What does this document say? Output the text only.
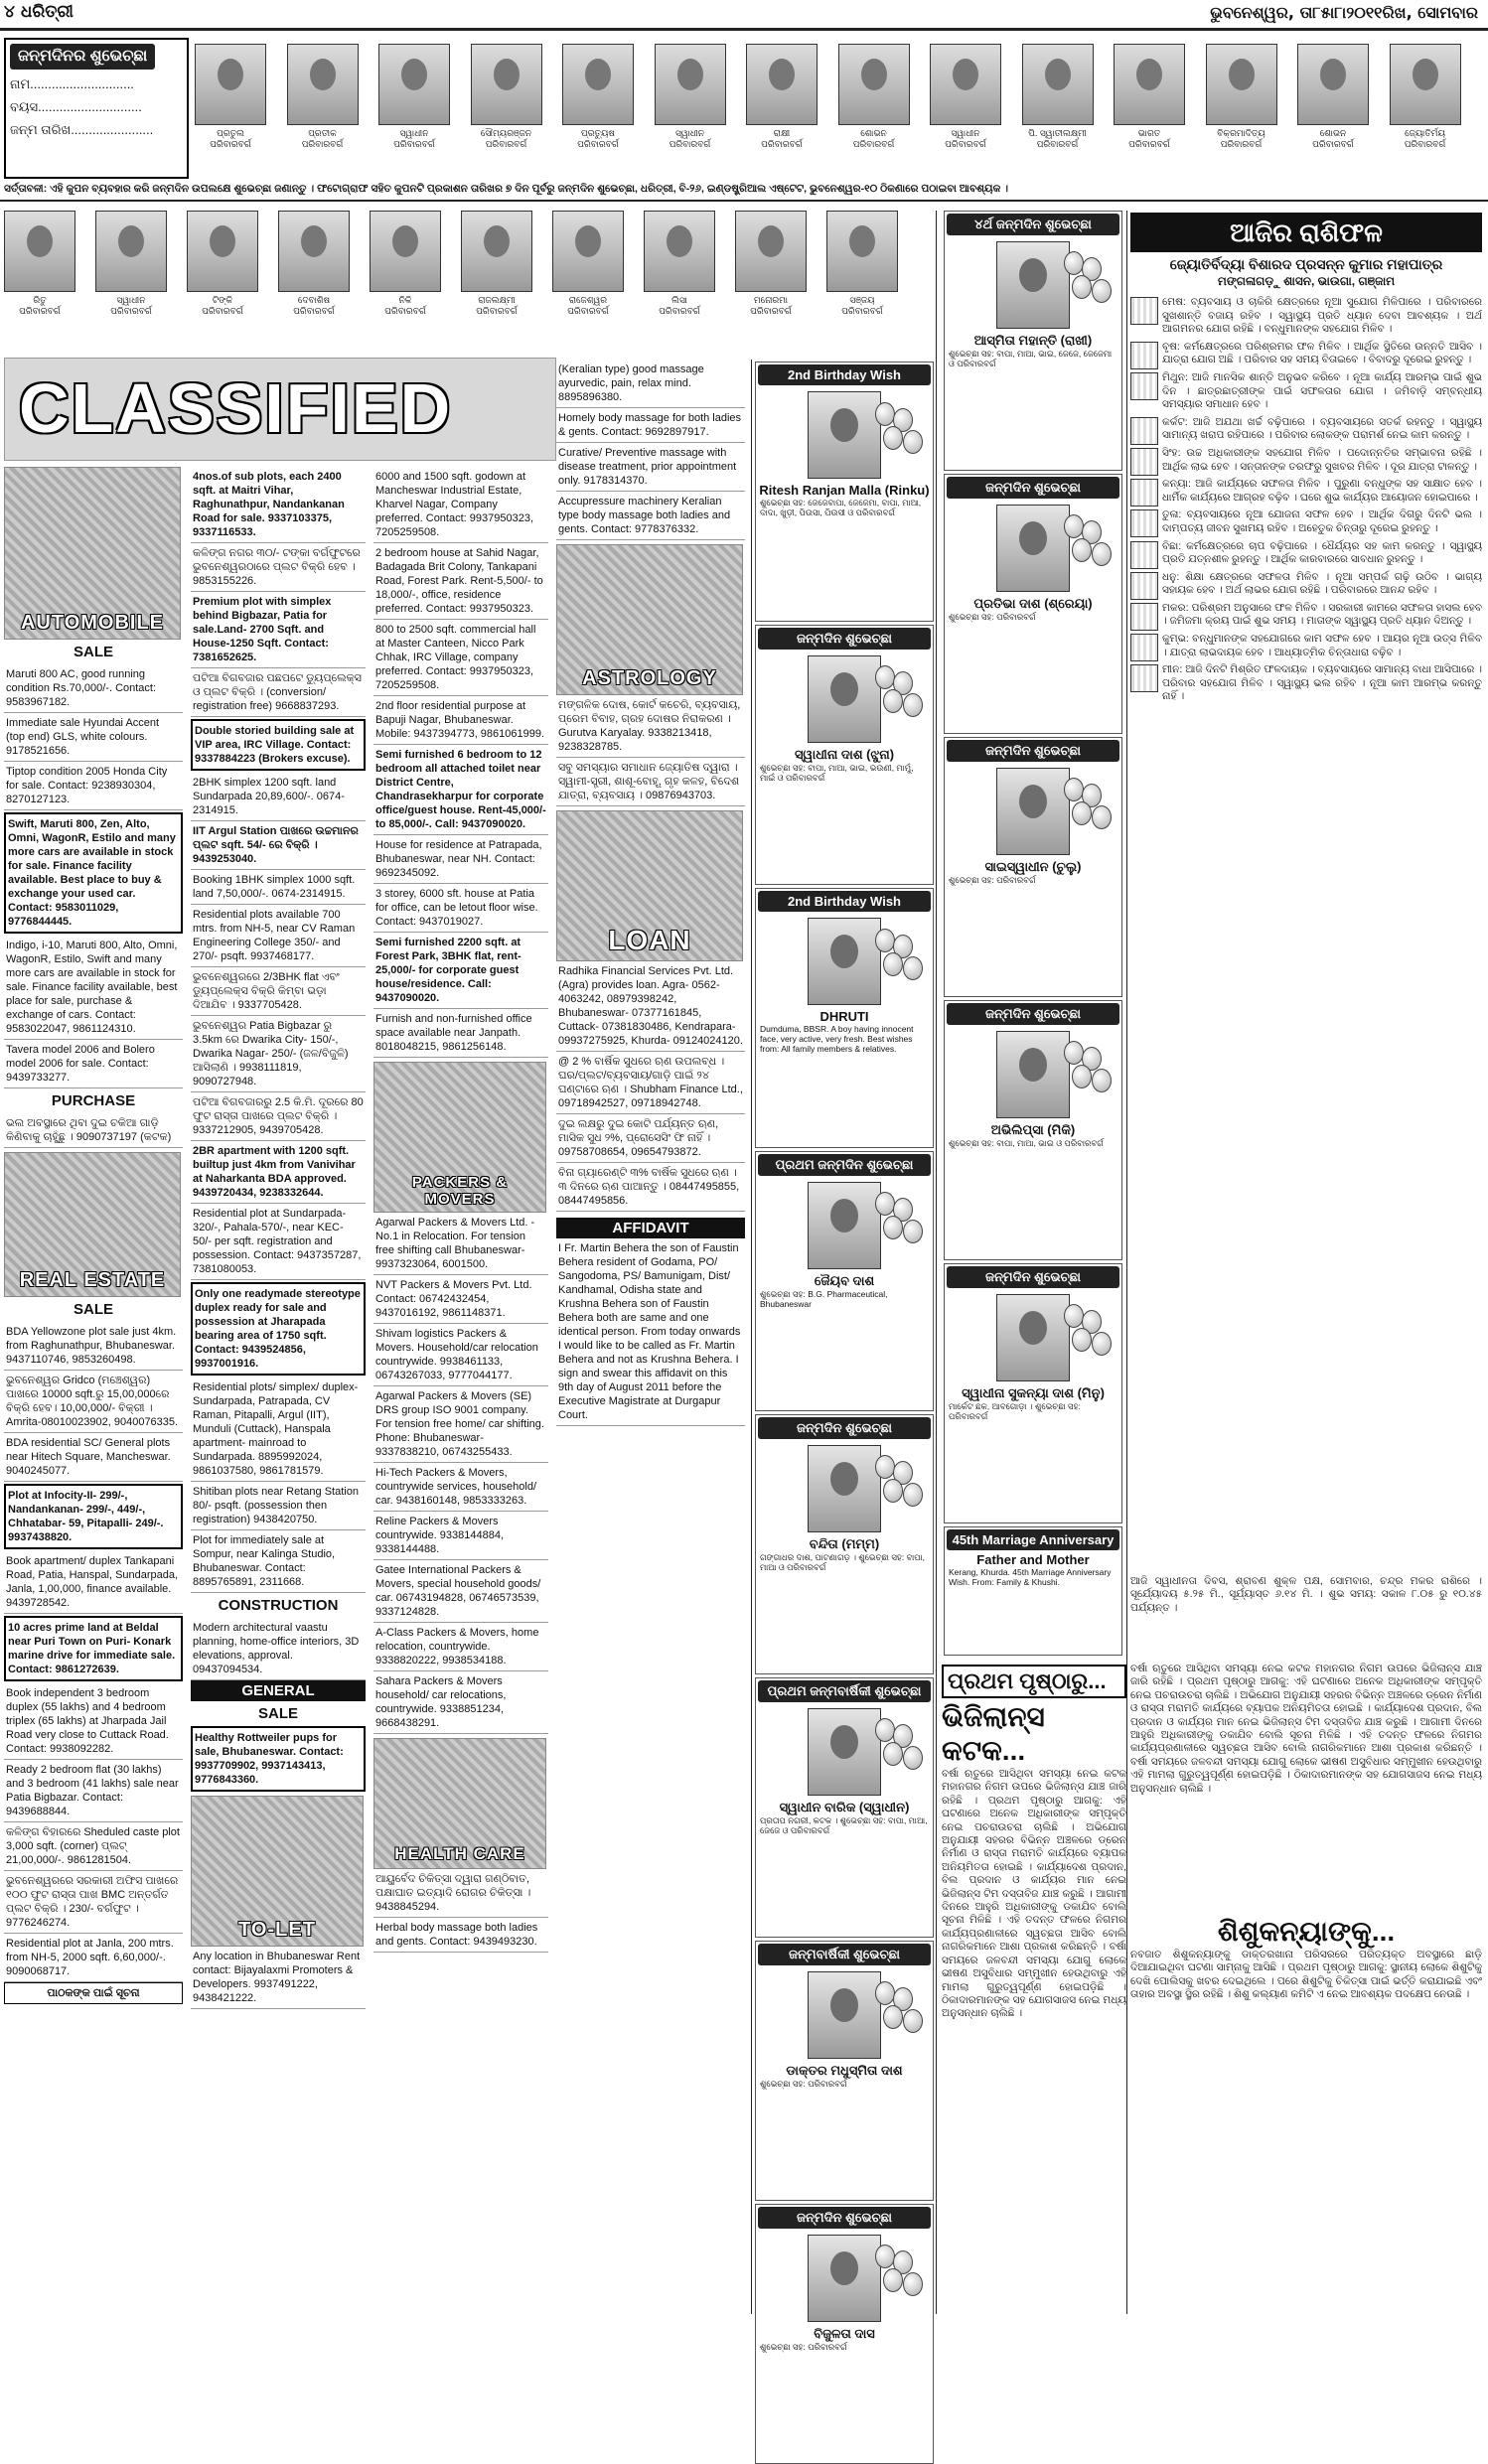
୪ ଧରିତ୍ରୀ	ଭୁବନେଶ୍ୱର, ତା୮୫ା୮ା୨୦୧୧ରିଖ, ସୋମବାର
ଜନ୍ମଦିନର ଶୁଭେଚ୍ଛା
ନାମ.............................
ବୟସ.............................
ଜନ୍ମ ତାରିଖ.......................	ପ୍ରତୁଲ
ପରିବାରବର୍ଗ
ପ୍ରତୀକ
ପରିବାରବର୍ଗ
ସ୍ୱାଧୀନ
ପରିବାରବର୍ଗ
ସୌମ୍ୟରଞ୍ଜନ
ପରିବାରବର୍ଗ
ପ୍ରତ୍ୟୁଷ
ପରିବାରବର୍ଗ
ସ୍ୱାଧୀନ
ପରିବାରବର୍ଗ
ରାକ୍ଷୀ
ପରିବାରବର୍ଗ
ଶୋଭନ
ପରିବାରବର୍ଗ
ସ୍ୱାଧୀନ
ପରିବାରବର୍ଗ
ପି. ସ୍ୱାତୀଲକ୍ଷ୍ମୀ
ପରିବାରବର୍ଗ
ଭାରତ
ପରିବାରବର୍ଗ
ବିକ୍ରମାଦିତ୍ୟ
ପରିବାରବର୍ଗ
ଶୋଭନ
ପରିବାରବର୍ଗ
ଜ୍ୟୋତିର୍ମୟ
ପରିବାରବର୍ଗ
ସର୍ତ୍ତାବଳୀ: ଏହି କୁପନ ବ୍ୟବହାର କରି ଜନ୍ମଦିନ ଉପଲକ୍ଷେ ଶୁଭେଚ୍ଛା ଜଣାନ୍ତୁ । ଫଟୋଗ୍ରାଫ ସହିତ କୁପନଟି ପ୍ରକାଶନ ତାରିଖର ୭ ଦିନ ପୂର୍ବରୁ ଜନ୍ମଦିନ ଶୁଭେଚ୍ଛା, ଧରିତ୍ରୀ, ବି-୨୬, ଇଣ୍ଡଷ୍ଟ୍ରିଆଲ ଏଷ୍ଟେଟ, ଭୁବନେଶ୍ୱର-୧୦ ଠିକଣାରେ ପଠାଇବା ଆବଶ୍ୟକ ।
ରିତୁ
ପରିବାରବର୍ଗ
ସ୍ୱାଧୀନ
ପରିବାରବର୍ଗ
ଟିଙ୍କି
ପରିବାରବର୍ଗ
ଦେବାଶିଷ
ପରିବାରବର୍ଗ
ନିକି
ପରିବାରବର୍ଗ
ରାଜଲକ୍ଷ୍ମୀ
ପରିବାରବର୍ଗ
ରାଜେଶ୍ୱର
ପରିବାରବର୍ଗ
ଲିସା
ପରିବାରବର୍ଗ
ମନୋରମା
ପରିବାରବର୍ଗ
ସଞ୍ଜୟ
ପରିବାରବର୍ଗ
CLASSIFIED
AUTOMOBILE
SALE
Maruti 800 AC, good running condition Rs.70,000/-. Contact: 9583967182.
Immediate sale Hyundai Accent (top end) GLS, white colours. 9178521656.
Tiptop condition 2005 Honda City for sale. Contact: 9238930304, 8270127123.
Swift, Maruti 800, Zen, Alto, Omni, WagonR, Estilo and many more cars are available in stock for sale. Finance facility available. Best place to buy & exchange your used car. Contact: 9583011029, 9776844445.
Indigo, i-10, Maruti 800, Alto, Omni, WagonR, Estilo, Swift and many more cars are available in stock for sale. Finance facility available, best place for sale, purchase & exchange of cars. Contact: 9583022047, 9861124310.
Tavera model 2006 and Bolero model 2006 for sale. Contact: 9439733277.
PURCHASE
ଭଲ ଅବସ୍ଥାରେ ଥିବା ଦୁଇ ଚକିଆ ଗାଡ଼ି କିଣିବାକୁ ଚାହୁଁଛୁ । 9090737197 (କଟକ)
REAL ESTATE
SALE
BDA Yellowzone plot sale just 4km. from Raghunathpur, Bhubaneswar. 9437110746, 9853260498.
ଭୁବନେଶ୍ୱର Gridco (ମଞ୍ଚେଶ୍ୱର) ପାଖରେ 10000 sqft.ରୁ 15,00,000ରେ ବିକ୍ରି ହେବ। 10,00,000/- ବିକ୍ରୀ । Amrita-08010023902, 9040076335.
BDA residential SC/ General plots near Hitech Square, Mancheswar. 9040245077.
Plot at Infocity-II- 299/-, Nandankanan- 299/-, 449/-, Chhatabar- 59, Pitapalli- 249/-. 9937438820.
Book apartment/ duplex Tankapani Road, Patia, Hanspal, Sundarpada, Janla, 1,00,000, finance available. 9439728542.
10 acres prime land at Beldal near Puri Town on Puri- Konark marine drive for immediate sale. Contact: 9861272639.
Book independent 3 bedroom duplex (55 lakhs) and 4 bedroom triplex (65 lakhs) at Jharpada Jail Road very close to Cuttack Road. Contact: 9938092282.
Ready 2 bedroom flat (30 lakhs) and 3 bedroom (41 lakhs) sale near Patia Bigbazar. Contact: 9439688844.
କଳିଙ୍ଗ ବିହାରରେ Sheduled caste plot 3,000 sqft. (corner) ପ୍ଲଟ୍ 21,00,000/-. 9861281504.
ଭୁବନେଶ୍ୱରରେ ସରକାରୀ ଅଫିସ ପାଖରେ ୧୦୦ ଫୁଟ ରାସ୍ତା ପାଖ BMC ଅନ୍ତର୍ଗତ ପ୍ଲଟ ବିକ୍ରି । 230/- ବର୍ଗଫୁଟ । 9776246274.
Residential plot at Janla, 200 mtrs. from NH-5, 2000 sqft. 6,60,000/-. 9090068717.
ପାଠକଙ୍କ ପାଇଁ ସୂଚନା
4nos.of sub plots, each 2400 sqft. at Maitri Vihar, Raghunathpur, Nandankanan Road for sale. 9337103375, 9337116533.
କଳିଙ୍ଗ ନଗର ୩୦/- ଟଙ୍କା ବର୍ଗଫୁଟରେ ଭୁବନେଶ୍ୱରଠାରେ ପ୍ଲଟ ବିକ୍ରି ହେବ । 9853155226.
Premium plot with simplex behind Bigbazar, Patia for sale.Land- 2700 Sqft. and House-1250 Sqft. Contact: 7381652625.
ପଟିଆ ବିଗବଜାର ପଛପଟେ ଡ୍ୟୁପ୍ଲେକ୍ସ ଓ ପ୍ଲଟ ବିକ୍ରି । (conversion/ registration free) 9668837293.
Double storied building sale at VIP area, IRC Village. Contact: 9337884223 (Brokers excuse).
2BHK simplex 1200 sqft. land Sundarpada 20,89,600/-. 0674-2314915.
IIT Argul Station ପାଖରେ ଉଚ୍ଚମାନର ପ୍ଲଟ sqft. 54/- ରେ ବିକ୍ରି । 9439253040.
Booking 1BHK simplex 1000 sqft. land 7,50,000/-. 0674-2314915.
Residential plots available 700 mtrs. from NH-5, near CV Raman Engineering College 350/- and 270/- psqft. 9937468177.
ଭୁବନେଶ୍ୱରରେ 2/3BHK flat ଏବଂ ଡ୍ୟୁପ୍ଲେକ୍ସ ବିକ୍ରି କିମ୍ବା ଭଡ଼ା ଦିଆଯିବ । 9337705428.
ଭୁବନେଶ୍ୱର Patia Bigbazar ରୁ 3.5km ରେ Dwarika City- 150/-, Dwarika Nagar- 250/- (ଜଳ/ବିଜୁଳି) ଆସିଲାଣି । 9938111819, 9090727948.
ପଟିଆ ବିଗବଜାରରୁ 2.5 କି.ମି. ଦୂରରେ 80 ଫୁଟ ରାସ୍ତା ପାଖରେ ପ୍ଲଟ ବିକ୍ରି । 9337212905, 9439705428.
2BR apartment with 1200 sqft. builtup just 4km from Vanivihar at Naharkanta BDA approved. 9439720434, 9238332644.
Residential plot at Sundarpada- 320/-, Pahala-570/-, near KEC- 50/- per sqft. registration and possession. Contact: 9437357287, 7381080053.
Only one readymade stereotype duplex ready for sale and possession at Jharapada bearing area of 1750 sqft. Contact: 9439524856, 9937001916.
Residential plots/ simplex/ duplex- Sundarpada, Patrapada, CV Raman, Pitapalli, Argul (IIT), Munduli (Cuttack), Hanspala apartment- mainroad to Sundarpada. 8895992024, 9861037580, 9861781579.
Shitiban plots near Retang Station 80/- psqft. (possession then registration) 9438420750.
Plot for immediately sale at Sompur, near Kalinga Studio, Bhubaneswar. Contact: 8895765891, 2311668.
CONSTRUCTION
Modern architectural vaastu planning, home-office interiors, 3D elevations, approval. 09437094534.
GENERAL
SALE
Healthy Rottweiler pups for sale, Bhubaneswar. Contact: 9937709902, 9937143413, 9776843360.
TO-LET
Any location in Bhubaneswar Rent contact: Bijayalaxmi Promoters & Developers. 9937491222, 9438421222.
6000 and 1500 sqft. godown at Mancheswar Industrial Estate, Kharvel Nagar, Company preferred. Contact: 9937950323, 7205259508.
2 bedroom house at Sahid Nagar, Badagada Brit Colony, Tankapani Road, Forest Park. Rent-5,500/- to 18,000/-, office, residence preferred. Contact: 9937950323.
800 to 2500 sqft. commercial hall at Master Canteen, Nicco Park Chhak, IRC Village, company preferred. Contact: 9937950323, 7205259508.
2nd floor residential purpose at Bapuji Nagar, Bhubaneswar. Mobile: 9437394773, 9861061999.
Semi furnished 6 bedroom to 12 bedroom all attached toilet near District Centre, Chandrasekharpur for corporate office/guest house. Rent-45,000/- to 85,000/-. Call: 9437090020.
House for residence at Patrapada, Bhubaneswar, near NH. Contact: 9692345092.
3 storey, 6000 sft. house at Patia for office, can be letout floor wise. Contact: 9437019027.
Semi furnished 2200 sqft. at Forest Park, 3BHK flat, rent-25,000/- for corporate guest house/residence. Call: 9437090020.
Furnish and non-furnished office space available near Janpath. 8018048215, 9861256148.
PACKERS & MOVERS
Agarwal Packers & Movers Ltd. - No.1 in Relocation. For tension free shifting call Bhubaneswar- 9937323064, 6001500.
NVT Packers & Movers Pvt. Ltd. Contact: 06742432454, 9437016192, 9861148371.
Shivam logistics Packers & Movers. Household/car relocation countrywide. 9938461133, 06743267033, 9777044177.
Agarwal Packers & Movers (SE) DRS group ISO 9001 company. For tension free home/ car shifting. Phone: Bhubaneswar- 9337838210, 06743255433.
Hi-Tech Packers & Movers, countrywide services, household/ car. 9438160148, 9853333263.
Reline Packers & Movers countrywide. 9338144884, 9338144488.
Gatee International Packers & Movers, special household goods/ car. 06743194828, 06746573539, 9337124828.
A-Class Packers & Movers, home relocation, countrywide. 9338820222, 9938534188.
Sahara Packers & Movers household/ car relocations, countrywide. 9338851234, 9668438291.
HEALTH CARE
ଆୟୁର୍ବେଦ ଚିକିତ୍ସା ଦ୍ୱାରା ଗଣ୍ଠିବାତ, ପକ୍ଷାଘାତ ଇତ୍ୟାଦି ରୋଗର ଚିକିତ୍ସା । 9438845294.
Herbal body massage both ladies and gents. Contact: 9439493230.
(Keralian type) good massage ayurvedic, pain, relax mind. 8895896380.
Homely body massage for both ladies & gents. Contact: 9692897917.
Curative/ Preventive massage with disease treatment, prior appointment only. 9178314370.
Accupressure machinery Keralian type body massage both ladies and gents. Contact: 9778376332.
ASTROLOGY
ମଙ୍ଗଳିକ ଦୋଷ, କୋର୍ଟ କଚେରି, ବ୍ୟବସାୟ, ପ୍ରେମ ବିବାହ, ଗ୍ରହ ଦୋଷର ନିରାକରଣ । Gurutva Karyalay. 9338213418, 9238328785.
ସବୁ ସମସ୍ୟାର ସମାଧାନ ଜ୍ୟୋତିଷ ଦ୍ୱାରା । ସ୍ୱାମୀ-ସ୍ତ୍ରୀ, ଶାଶୂ-ବୋହୂ, ଗୃହ କଳହ, ବିଦେଶ ଯାତ୍ରା, ବ୍ୟବସାୟ । 09876943703.
LOAN
Radhika Financial Services Pvt. Ltd. (Agra) provides loan. Agra- 0562-4063242, 08979398242, Bhubaneswar- 07377161845, Cuttack- 07381830486, Kendrapara- 09937275925, Khurda- 09124024120.
@ 2 % ବାର୍ଷିକ ସୁଧରେ ଋଣ ଉପଲବ୍ଧ । ଘର/ପ୍ଲଟ/ବ୍ୟବସାୟ/ଗାଡ଼ି ପାଇଁ ୨୪ ଘଣ୍ଟାରେ ଋଣ । Shubham Finance Ltd., 09718942527, 09718942748.
ଦୁଇ ଲକ୍ଷରୁ ଦୁଇ କୋଟି ପର୍ଯ୍ୟନ୍ତ ଋଣ, ମାସିକ ସୁଧ ୨%, ପ୍ରୋସେସିଂ ଫି ନାହିଁ । 09758708654, 09654793872.
ବିନା ଗ୍ୟାରେଣ୍ଟି ୩% ବାର୍ଷିକ ସୁଧରେ ଋଣ । ୩ ଦିନରେ ଋଣ ପାଆନ୍ତୁ । 08447495855, 08447495856.
AFFIDAVIT
I Fr. Martin Behera the son of Faustin Behera resident of Godama, PO/ Sangodoma, PS/ Bamunigam, Dist/ Kandhamal, Odisha state and Krushna Behera son of Faustin Behera both are same and one identical person. From today onwards I would like to be called as Fr. Martin Behera and not as Krushna Behera. I sign and swear this affidavit on this 9th day of August 2011 before the Executive Magistrate at Durgapur Court.
2nd Birthday Wish
Ritesh Ranjan Malla (Rinku)
ଶୁଭେଚ୍ଛା ସହ: ଜେଜେବାପା, ଜେଜେମା, ବାପା, ମାଆ, ଦାଦା, ଖୁଡ଼ୀ, ପିଉସା, ପିଉସୀ ଓ ପରିବାରବର୍ଗ
ଜନ୍ମଦିନ ଶୁଭେଚ୍ଛା
ସ୍ୱାଧୀନା ଦାଶ (ଝୁନା)
ଶୁଭେଚ୍ଛା ସହ: ବାପା, ମାଆ, ଭାଇ, ଭଉଣୀ, ମାମୁଁ, ମାଇଁ ଓ ପରିବାରବର୍ଗ
2nd Birthday Wish
DHRUTI
Dumduma, BBSR. A boy having innocent face, very active, very fresh. Best wishes from: All family members & relatives.
ପ୍ରଥମ ଜନ୍ମଦିନ ଶୁଭେଚ୍ଛା
ଜୈୟବ ଦାଶ
ଶୁଭେଚ୍ଛା ସହ: B.G. Pharmaceutical, Bhubaneswar
ଜନ୍ମଦିନ ଶୁଭେଚ୍ଛା
ବନ୍ଦିତା (ମମ୍ମ)
ଗଙ୍ଗାଧର ଦାଶ, ପାଟଣାଗଡ଼ । ଶୁଭେଚ୍ଛା ସହ: ବାପା, ମାଆ ଓ ପରିବାରବର୍ଗ
ପ୍ରଥମ ଜନ୍ମବାର୍ଷିକୀ ଶୁଭେଚ୍ଛା
ସ୍ୱାଧୀନ ବାରିକ (ସ୍ୱାଧୀନ)
ପ୍ରତାପ ନଗରୀ, କଟକ । ଶୁଭେଚ୍ଛା ସହ: ବାପା, ମାଆ, ଜେଜେ ଓ ପରିବାରବର୍ଗ
ଜନ୍ମବାର୍ଷିକୀ ଶୁଭେଚ୍ଛା
ଡାକ୍ତର ମଧୁସ୍ମିତା ଦାଶ
ଶୁଭେଚ୍ଛା ସହ: ପରିବାରବର୍ଗ
ଜନ୍ମଦିନ ଶୁଭେଚ୍ଛା
ବିଜୁଳତା ଦାସ
ଶୁଭେଚ୍ଛା ସହ: ପରିବାରବର୍ଗ
୪ର୍ଥ ଜନ୍ମଦିନ ଶୁଭେଚ୍ଛା
ଆସ୍ମିତା ମହାନ୍ତି (ରାଖୀ)
ଶୁଭେଚ୍ଛା ସହ: ବାପା, ମାଆ, ଭାଇ, ଜେଜେ, ଜେଜେମା ଓ ପରିବାରବର୍ଗ
ଜନ୍ମଦିନ ଶୁଭେଚ୍ଛା
ପ୍ରତିଭା ଦାଶ (ଶ୍ରେୟା)
ଶୁଭେଚ୍ଛା ସହ: ପରିବାରବର୍ଗ
ଜନ୍ମଦିନ ଶୁଭେଚ୍ଛା
ସାଇସ୍ୱାଧୀନ (ଚୁଲୁ)
ଶୁଭେଚ୍ଛା ସହ: ପରିବାରବର୍ଗ
ଜନ୍ମଦିନ ଶୁଭେଚ୍ଛା
ଅଭିଲିପ୍ସା (ମିକି)
ଶୁଭେଚ୍ଛା ସହ: ବାପା, ମାଆ, ଭାଇ ଓ ପରିବାରବର୍ଗ
ଜନ୍ମଦିନ ଶୁଭେଚ୍ଛା
ସ୍ୱାଧୀନା ସୁକନ୍ୟା ଦାଶ (ମିନୁ)
ମାର୍କେଟ ଛକ, ଆବଗୋଡ଼ା । ଶୁଭେଚ୍ଛା ସହ: ପରିବାରବର୍ଗ
45th Marriage Anniversary
Father and Mother
Kerang, Khurda. 45th Marriage Anniversary Wish. From: Family & Khushi.
ପ୍ରଥମ ପୃଷ୍ଠାରୁ...
ଭିଜିଲାନ୍ସ କଟକ...
ବର୍ଷା ଋତୁରେ ଆସିଥିବା ସମସ୍ୟା ନେଇ କଟକ ମହାନଗର ନିଗମ ଉପରେ ଭିଜିଲାନ୍ସ ଯାଞ୍ଚ ଜାରି ରହିଛି । ପ୍ରଥମ ପୃଷ୍ଠାରୁ ଆଗକୁ: ଏହି ଘଟଣାରେ ଅନେକ ଅଧିକାରୀଙ୍କ ସମ୍ପୃକ୍ତି ନେଇ ପଚରାଉଚରା ଚାଲିଛି । ଅଭିଯୋଗ ଅନୁଯାୟୀ ସହରର ବିଭିନ୍ନ ଅଞ୍ଚଳରେ ଡ୍ରେନ ନିର୍ମାଣ ଓ ରାସ୍ତା ମରାମତି କାର୍ଯ୍ୟରେ ବ୍ୟାପକ ଅନିୟମିତତା ହୋଇଛି । କାର୍ଯ୍ୟାଦେଶ ପ୍ରଦାନ, ବିଲ ପ୍ରଦାନ ଓ କାର୍ଯ୍ୟର ମାନ ନେଇ ଭିଜିଲାନ୍ସ ଟିମ ଦସ୍ତାବିଜ ଯାଞ୍ଚ କରୁଛି । ଆଗାମୀ ଦିନରେ ଆହୁରି ଅଧିକାରୀଙ୍କୁ ଡକାଯିବ ବୋଲି ସୂଚନା ମିଳିଛି । ଏହି ତଦନ୍ତ ଫଳରେ ନିଗମର କାର୍ଯ୍ୟପ୍ରଣାଳୀରେ ସ୍ୱଚ୍ଛତା ଆସିବ ବୋଲି ନାଗରିକମାନେ ଆଶା ପ୍ରକାଶ କରିଛନ୍ତି । ବର୍ଷା ସମୟରେ ଜଳବନ୍ଦୀ ସମସ୍ୟା ଯୋଗୁ ଲୋକେ ଭୀଷଣ ଅସୁବିଧାର ସମ୍ମୁଖୀନ ହେଉଥିବାରୁ ଏହି ମାମଲା ଗୁରୁତ୍ୱପୂର୍ଣ୍ଣ ହୋଇପଡ଼ିଛି । ଠିକାଦାରମାନଙ୍କ ସହ ଯୋଗସାଜସ ନେଇ ମଧ୍ୟ ଅନୁସନ୍ଧାନ ଚାଲିଛି ।
ଆଜିର ରାଶିଫଳ
ଜ୍ୟୋତିର୍ବିଦ୍ୟା ବିଶାରଦ ପ୍ରସନ୍ନ କୁମାର ମହାପାତ୍ର
ମଙ୍ଗଳାଗଡ଼ୁ ଶାସନ, ଭାଉଗା, ଗଞ୍ଜାମ
ମେଷ: ବ୍ୟବସାୟ ଓ ଚାକିରି କ୍ଷେତ୍ରରେ ନୂଆ ସୁଯୋଗ ମିଳିପାରେ । ପରିବାରରେ ସୁଖଶାନ୍ତି ବଜାୟ ରହିବ । ସ୍ୱାସ୍ଥ୍ୟ ପ୍ରତି ଧ୍ୟାନ ଦେବା ଆବଶ୍ୟକ । ଅର୍ଥ ଆଗମନର ଯୋଗ ରହିଛି । ବନ୍ଧୁମାନଙ୍କ ସହଯୋଗ ମିଳିବ ।
ବୃଷ: କର୍ମକ୍ଷେତ୍ରରେ ପରିଶ୍ରମର ଫଳ ମିଳିବ । ଆର୍ଥିକ ସ୍ଥିତିରେ ଉନ୍ନତି ଆସିବ । ଯାତ୍ରା ଯୋଗ ଅଛି । ପରିବାର ସହ ସମୟ ବିତାଇବେ । ବିବାଦରୁ ଦୂରେଇ ରୁହନ୍ତୁ ।
ମିଥୁନ: ଆଜି ମାନସିକ ଶାନ୍ତି ଅନୁଭବ କରିବେ । ନୂଆ କାର୍ଯ୍ୟ ଆରମ୍ଭ ପାଇଁ ଶୁଭ ଦିନ । ଛାତ୍ରଛାତ୍ରୀଙ୍କ ପାଇଁ ସଫଳତାର ଯୋଗ । ଜମିବାଡ଼ି ସମ୍ବନ୍ଧୀୟ ସମସ୍ୟାର ସମାଧାନ ହେବ ।
କର୍କଟ: ଆଜି ଅଯଥା ଖର୍ଚ୍ଚ ବଢ଼ିପାରେ । ବ୍ୟବସାୟରେ ସତର୍କ ରହନ୍ତୁ । ସ୍ୱାସ୍ଥ୍ୟ ସାମାନ୍ୟ ଖରାପ ରହିପାରେ । ପରିବାର ଲୋକଙ୍କ ପରାମର୍ଶ ନେଇ କାମ କରନ୍ତୁ ।
ସିଂହ: ଉଚ୍ଚ ଅଧିକାରୀଙ୍କ ସହଯୋଗ ମିଳିବ । ପଦୋନ୍ନତିର ସମ୍ଭାବନା ରହିଛି । ଆର୍ଥିକ ଲାଭ ହେବ । ସନ୍ତାନଙ୍କ ତରଫରୁ ସୁଖବର ମିଳିବ । ଦୂର ଯାତ୍ରା ଟାଳନ୍ତୁ ।
କନ୍ୟା: ଆଜି କାର୍ଯ୍ୟରେ ସଫଳତା ମିଳିବ । ପୁରୁଣା ବନ୍ଧୁଙ୍କ ସହ ସାକ୍ଷାତ ହେବ । ଧାର୍ମିକ କାର୍ଯ୍ୟରେ ଆଗ୍ରହ ବଢ଼ିବ । ଘରେ ଶୁଭ କାର୍ଯ୍ୟର ଆୟୋଜନ ହୋଇପାରେ ।
ତୁଳା: ବ୍ୟବସାୟରେ ନୂଆ ଯୋଜନା ସଫଳ ହେବ । ଆର୍ଥିକ ଦିଗରୁ ଦିନଟି ଭଲ । ଦାମ୍ପତ୍ୟ ଜୀବନ ସୁଖମୟ ରହିବ । ଅହେତୁକ ଚିନ୍ତାରୁ ଦୂରେଇ ରୁହନ୍ତୁ ।
ବିଛା: କର୍ମକ୍ଷେତ୍ରରେ ଚାପ ବଢ଼ିପାରେ । ଧୈର୍ଯ୍ୟର ସହ କାମ କରନ୍ତୁ । ସ୍ୱାସ୍ଥ୍ୟ ପ୍ରତି ଯତ୍ନଶୀଳ ରୁହନ୍ତୁ । ଆର୍ଥିକ କାରବାରରେ ସାବଧାନ ରୁହନ୍ତୁ ।
ଧନୁ: ଶିକ୍ଷା କ୍ଷେତ୍ରରେ ସଫଳତା ମିଳିବ । ନୂଆ ସମ୍ପର୍କ ଗଢ଼ି ଉଠିବ । ଭାଗ୍ୟ ସହାୟକ ହେବ । ଅର୍ଥ ଲାଭର ଯୋଗ ରହିଛି । ପରିବାରରେ ଆନନ୍ଦ ରହିବ ।
ମକର: ପରିଶ୍ରମ ଅନୁସାରେ ଫଳ ମିଳିବ । ସରକାରୀ କାମରେ ସଫଳତା ହାସଲ ହେବ । ଜମିଜମା କ୍ରୟ ପାଇଁ ଶୁଭ ସମୟ । ମାତାଙ୍କ ସ୍ୱାସ୍ଥ୍ୟ ପ୍ରତି ଧ୍ୟାନ ଦିଅନ୍ତୁ ।
କୁମ୍ଭ: ବନ୍ଧୁମାନଙ୍କ ସହଯୋଗରେ କାମ ସଫଳ ହେବ । ଆୟର ନୂଆ ଉତ୍ସ ମିଳିବ । ଯାତ୍ରା ଲାଭଦାୟକ ହେବ । ଆଧ୍ୟାତ୍ମିକ ଚିନ୍ତାଧାରା ବଢ଼ିବ ।
ମୀନ: ଆଜି ଦିନଟି ମିଶ୍ରିତ ଫଳଦାୟକ । ବ୍ୟବସାୟରେ ସାମାନ୍ୟ ବାଧା ଆସିପାରେ । ପରିବାର ସହଯୋଗ ମିଳିବ । ସ୍ୱାସ୍ଥ୍ୟ ଭଲ ରହିବ । ନୂଆ କାମ ଆରମ୍ଭ କରନ୍ତୁ ନାହିଁ ।
ଆଜି ସ୍ୱାଧୀନତା ଦିବସ, ଶ୍ରାବଣ ଶୁକ୍ଳ ପକ୍ଷ, ସୋମବାର, ଚନ୍ଦ୍ର ମକର ରାଶିରେ । ସୂର୍ଯ୍ୟୋଦୟ ୫.୨୫ ମି., ସୂର୍ଯ୍ୟାସ୍ତ ୬.୧୪ ମି. । ଶୁଭ ସମୟ: ସକାଳ ୮.୦୫ ରୁ ୧୦.୪୫ ପର୍ଯ୍ୟନ୍ତ ।
ବର୍ଷା ଋତୁରେ ଆସିଥିବା ସମସ୍ୟା ନେଇ କଟକ ମହାନଗର ନିଗମ ଉପରେ ଭିଜିଲାନ୍ସ ଯାଞ୍ଚ ଜାରି ରହିଛି । ପ୍ରଥମ ପୃଷ୍ଠାରୁ ଆଗକୁ: ଏହି ଘଟଣାରେ ଅନେକ ଅଧିକାରୀଙ୍କ ସମ୍ପୃକ୍ତି ନେଇ ପଚରାଉଚରା ଚାଲିଛି । ଅଭିଯୋଗ ଅନୁଯାୟୀ ସହରର ବିଭିନ୍ନ ଅଞ୍ଚଳରେ ଡ୍ରେନ ନିର୍ମାଣ ଓ ରାସ୍ତା ମରାମତି କାର୍ଯ୍ୟରେ ବ୍ୟାପକ ଅନିୟମିତତା ହୋଇଛି । କାର୍ଯ୍ୟାଦେଶ ପ୍ରଦାନ, ବିଲ ପ୍ରଦାନ ଓ କାର୍ଯ୍ୟର ମାନ ନେଇ ଭିଜିଲାନ୍ସ ଟିମ ଦସ୍ତାବିଜ ଯାଞ୍ଚ କରୁଛି । ଆଗାମୀ ଦିନରେ ଆହୁରି ଅଧିକାରୀଙ୍କୁ ଡକାଯିବ ବୋଲି ସୂଚନା ମିଳିଛି । ଏହି ତଦନ୍ତ ଫଳରେ ନିଗମର କାର୍ଯ୍ୟପ୍ରଣାଳୀରେ ସ୍ୱଚ୍ଛତା ଆସିବ ବୋଲି ନାଗରିକମାନେ ଆଶା ପ୍ରକାଶ କରିଛନ୍ତି । ବର୍ଷା ସମୟରେ ଜଳବନ୍ଦୀ ସମସ୍ୟା ଯୋଗୁ ଲୋକେ ଭୀଷଣ ଅସୁବିଧାର ସମ୍ମୁଖୀନ ହେଉଥିବାରୁ ଏହି ମାମଲା ଗୁରୁତ୍ୱପୂର୍ଣ୍ଣ ହୋଇପଡ଼ିଛି । ଠିକାଦାରମାନଙ୍କ ସହ ଯୋଗସାଜସ ନେଇ ମଧ୍ୟ ଅନୁସନ୍ଧାନ ଚାଲିଛି ।
ଶିଶୁକନ୍ୟାଙ୍କୁ...
ନବଜାତ ଶିଶୁକନ୍ୟାଙ୍କୁ ଡାକ୍ତରଖାନା ପରିସରରେ ପରିତ୍ୟକ୍ତ ଅବସ୍ଥାରେ ଛାଡ଼ି ଦିଆଯାଇଥିବା ଘଟଣା ସାମ୍ନାକୁ ଆସିଛି । ପ୍ରଥମ ପୃଷ୍ଠାରୁ ଆଗକୁ: ସ୍ଥାନୀୟ ଲୋକେ ଶିଶୁଟିକୁ ଦେଖି ପୋଲିସକୁ ଖବର ଦେଇଥିଲେ । ପରେ ଶିଶୁଟିକୁ ଚିକିତ୍ସା ପାଇଁ ଭର୍ତ୍ତି କରାଯାଇଛି ଏବଂ ତାହାର ଅବସ୍ଥା ସ୍ଥିର ରହିଛି । ଶିଶୁ କଲ୍ୟାଣ କମିଟି ଏ ନେଇ ଆବଶ୍ୟକ ପଦକ୍ଷେପ ନେଉଛି ।
